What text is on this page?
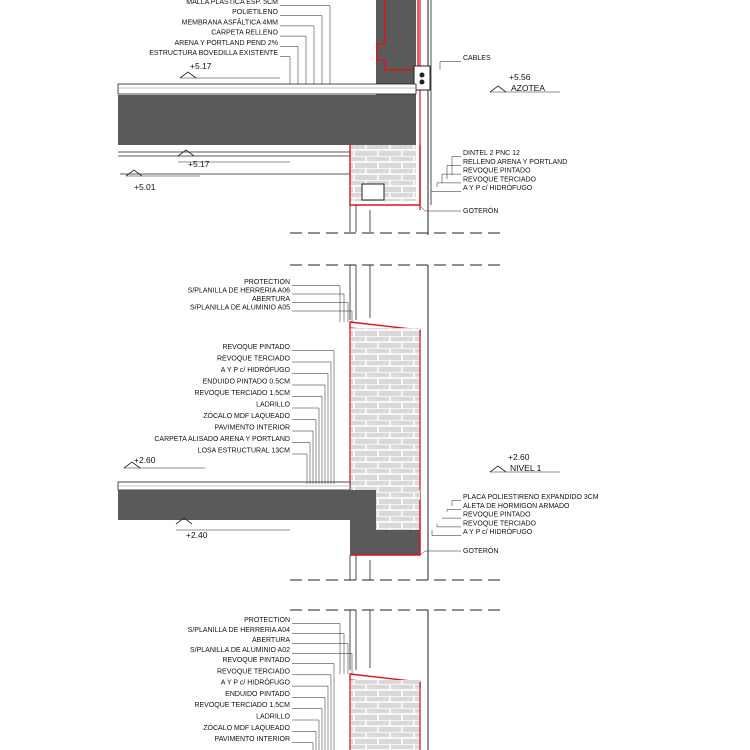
MALLA PLÁSTICA ESP. 5CM
POLIETILENO
MEMBRANA ASFÁLTICA 4MM
CARPETA RELLENO
ARENA Y PORTLAND PEND 2%
ESTRUCTURA BOVEDILLA EXISTENTE
CABLES
DINTEL 2 PNC 12
RELLENO ARENA Y PORTLAND
REVOQUE PINTADO
REVOQUE TERCIADO
A Y P c/ HIDRÓFUGO
GOTERÓN
PROTECTION
S/PLANILLA DE HERRERIA A06
ABERTURA
S/PLANILLA DE ALUMINIO A05
REVOQUE PINTADO
REVOQUE TERCIADO
A Y P c/ HIDRÓFUGO
ENDUIDO PINTADO 0.5CM
REVOQUE TERCIADO 1.5CM
LADRILLO
ZÓCALO MDF LAQUEADO
PAVIMENTO INTERIOR
CARPETA ALISADO ARENA Y PORTLAND
LOSA ESTRUCTURAL 13CM
PLACA POLIESTIRENO EXPANDIDO 3CM
ALETA DE HORMIGON ARMADO
REVOQUE PINTADO
REVOQUE TERCIADO
A Y P c/ HIDRÓFUGO
GOTERÓN
PROTECTION
S/PLANILLA DE HERRERIA A04
ABERTURA
S/PLANILLA DE ALUMINIO A02
REVOQUE PINTADO
REVOQUE TERCIADO
A Y P c/ HIDRÓFUGO
ENDUIDO PINTADO
REVOQUE TERCIADO 1.5CM
LADRILLO
ZÓCALO MDF LAQUEADO
PAVIMENTO INTERIOR
+5.17
+5.17
+5.01
+5.56
AZOTEA
+2.60	+2.60
NIVEL 1
+2.40
